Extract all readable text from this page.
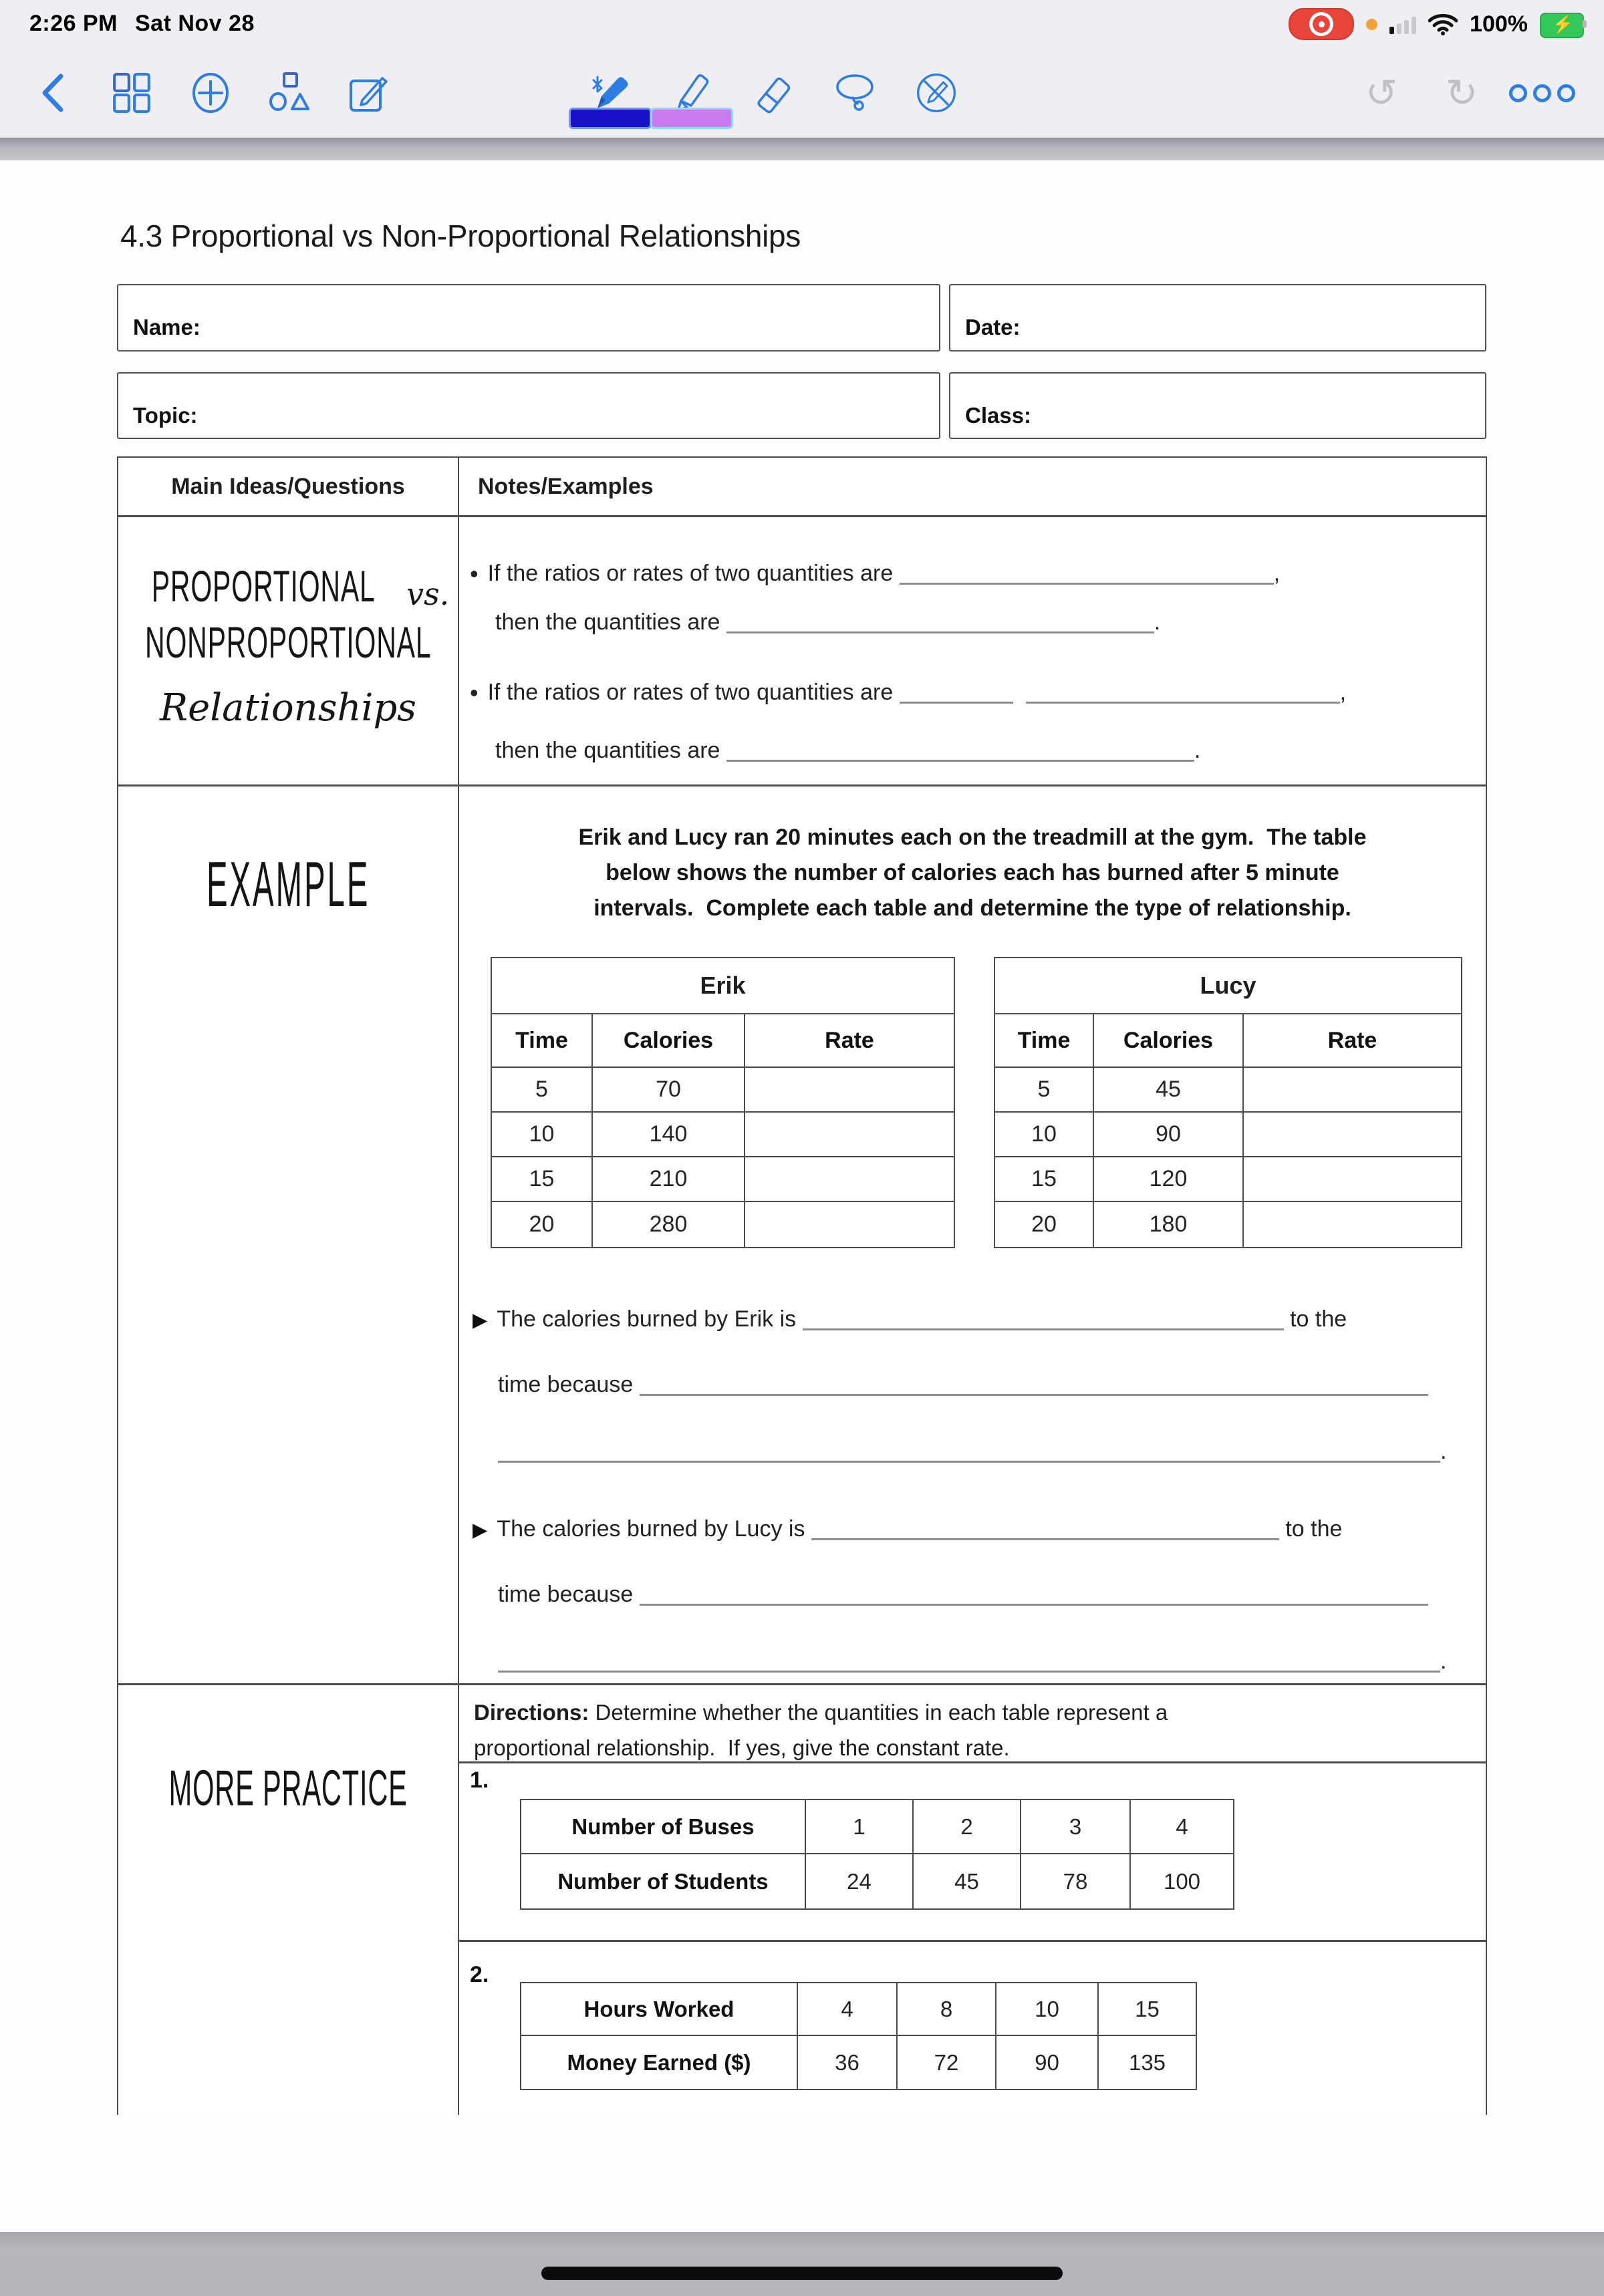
2:26 PM Sat Nov 28	100% ⚡
↺ ↻
4.3 Proportional vs Non-Proportional Relationships
Name:	Date:
Topic:	Class:
Main Ideas/Questions	Notes/Examples
PROPORTIONAL vs.
NONPROPORTIONAL
Relationships
• If the ratios or rates of two quantities are	,
then the quantities are	.
• If the ratios or rates of two quantities are	,
then the quantities are	.
EXAMPLE
Erik and Lucy ran 20 minutes each on the treadmill at the gym.  The table
below shows the number of calories each has burned after 5 minute
intervals.  Complete each table and determine the type of relationship.
Erik
Time	Calories	Rate
5	70
10	140
15	210
20	280
Lucy
Time	Calories	Rate
5	45
10	90
15	120
20	180
▶ The calories burned by Erik is	to the
time because
.
▶ The calories burned by Lucy is	to the
time because
.
MORE PRACTICE
Directions: Determine whether the quantities in each table represent a
proportional relationship.  If yes, give the constant rate.
1.
Number of Buses	1	2	3	4
Number of Students	24	45	78	100
2.
Hours Worked	4	8	10	15
Money Earned ($)	36	72	90	135
